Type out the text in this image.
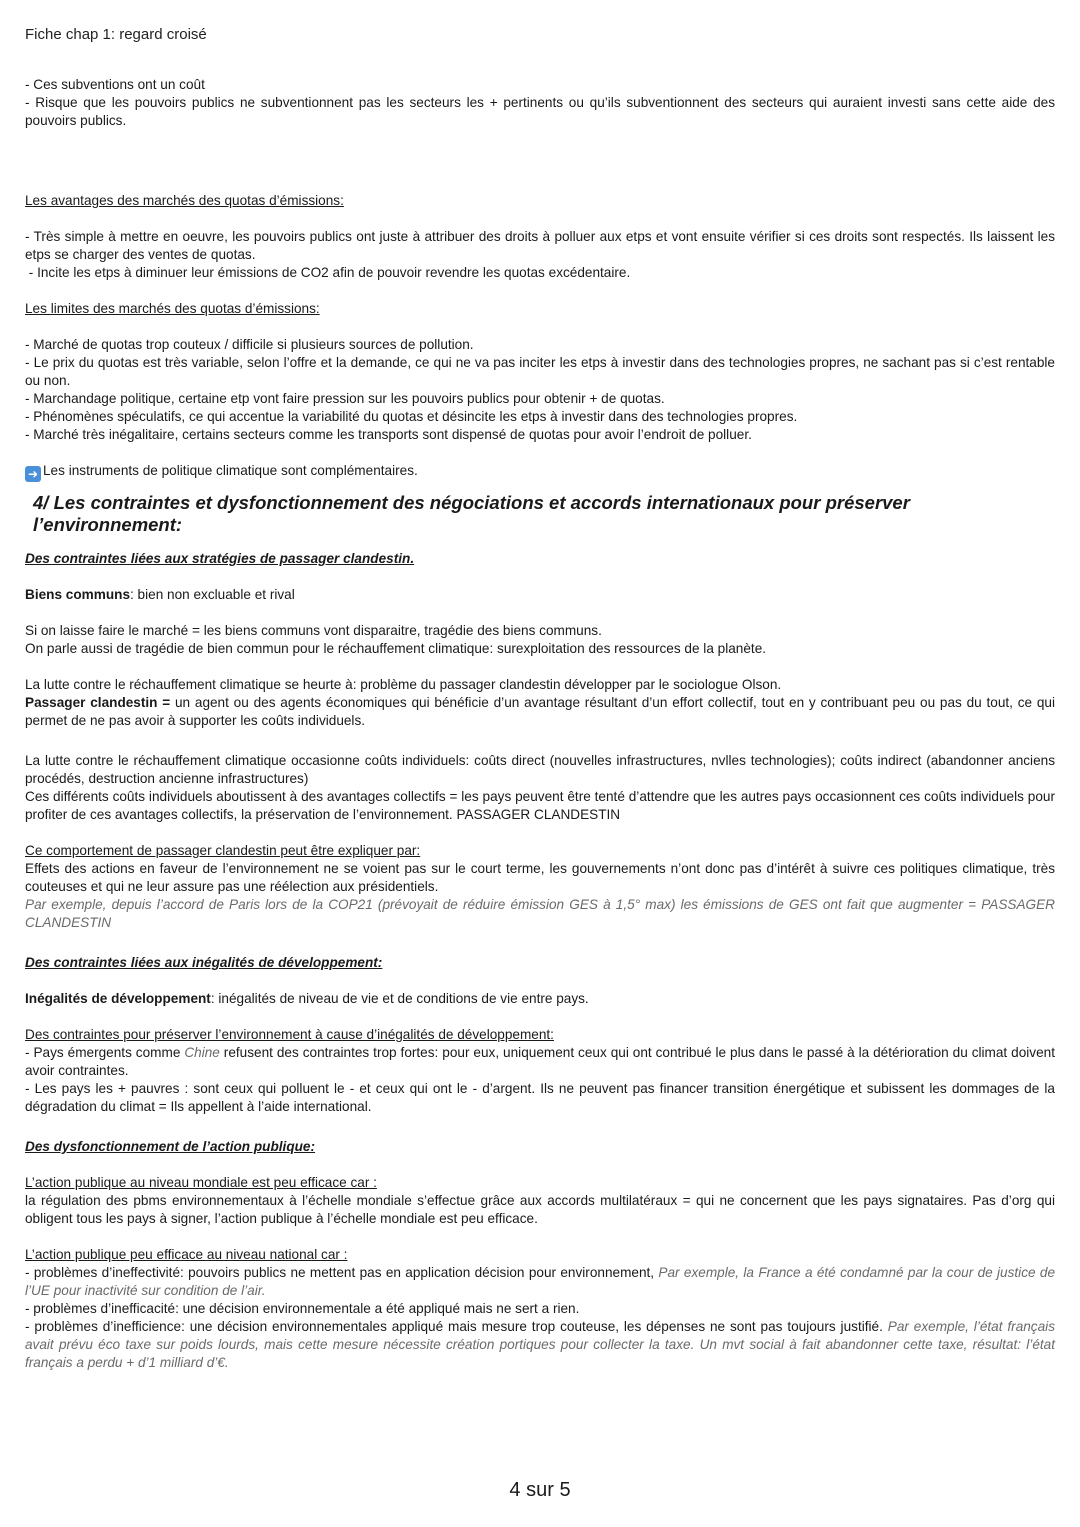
Fiche chap 1: regard croisé

- Ces subventions ont un coût

- Risque que les pouvoirs publics ne subventionnent pas les secteurs les + pertinents ou qu’ils subventionnent des secteurs qui auraient investi sans cette aide des pouvoirs publics.

Les avantages des marchés des quotas d’émissions:

- Très simple à mettre en oeuvre, les pouvoirs publics ont juste à attribuer des droits à polluer aux etps et vont ensuite vérifier si ces droits sont respectés. Ils laissent les etps se charger des ventes de quotas.

- Incite les etps à diminuer leur émissions de CO2 afin de pouvoir revendre les quotas excédentaire.

Les limites des marchés des quotas d’émissions:

- Marché de quotas trop couteux / difficile si plusieurs sources de pollution.

- Le prix du quotas est très variable, selon l’offre et la demande, ce qui ne va pas inciter les etps à investir dans des technologies propres, ne sachant pas si c’est rentable ou non.

- Marchandage politique, certaine etp vont faire pression sur les pouvoirs publics pour obtenir + de quotas.

- Phénomènes spéculatifs, ce qui accentue la variabilité du quotas et désincite les etps à investir dans des technologies propres.

- Marché très inégalitaire, certains secteurs comme les transports sont dispensé de quotas pour avoir l’endroit de polluer.

➜ Les instruments de politique climatique sont complémentaires.

4/ Les contraintes et dysfonctionnement des négociations et accords internationaux pour préserver l’environnement:

Des contraintes liées aux stratégies de passager clandestin.

Biens communs: bien non excluable et rival

Si on laisse faire le marché = les biens communs vont disparaitre, tragédie des biens communs.

On parle aussi de tragédie de bien commun pour le réchauffement climatique: surexploitation des ressources de la planète.

La lutte contre le réchauffement climatique se heurte à: problème du passager clandestin développer par le sociologue Olson.

Passager clandestin = un agent ou des agents économiques qui bénéficie d’un avantage résultant d’un effort collectif, tout en y contribuant peu ou pas du tout, ce qui permet de ne pas avoir à supporter les coûts individuels.

La lutte contre le réchauffement climatique occasionne coûts individuels: coûts direct (nouvelles infrastructures, nvlles technologies); coûts indirect (abandonner anciens procédés, destruction ancienne infrastructures)

Ces différents coûts individuels aboutissent à des avantages collectifs = les pays peuvent être tenté d’attendre que les autres pays occasionnent ces coûts individuels pour profiter de ces avantages collectifs, la préservation de l’environnement. PASSAGER CLANDESTIN

Ce comportement de passager clandestin peut être expliquer par:

Effets des actions en faveur de l’environnement ne se voient pas sur le court terme, les gouvernements n’ont donc pas d’intérêt à suivre ces politiques climatique, très couteuses et qui ne leur assure pas une réélection aux présidentiels.

Par exemple, depuis l’accord de Paris lors de la COP21 (prévoyait de réduire émission GES à 1,5° max) les émissions de GES ont fait que augmenter = PASSAGER CLANDESTIN

Des contraintes liées aux inégalités de développement:

Inégalités de développement: inégalités de niveau de vie et de conditions de vie entre pays.

Des contraintes pour préserver l’environnement à cause d’inégalités de développement:

- Pays émergents comme Chine refusent des contraintes trop fortes: pour eux, uniquement ceux qui ont contribué le plus dans le passé à la détérioration du climat doivent avoir contraintes.

- Les pays les + pauvres : sont ceux qui polluent le - et ceux qui ont le - d’argent. Ils ne peuvent pas financer transition énergétique et subissent les dommages de la dégradation du climat = Ils appellent à l’aide international.

Des dysfonctionnement de l’action publique:

L’action publique au niveau mondiale est peu efficace car :

la régulation des pbms environnementaux à l’échelle mondiale s’effectue grâce aux accords multilatéraux = qui ne concernent que les pays signataires. Pas d’org qui obligent tous les pays à signer, l’action publique à l’échelle mondiale est peu efficace.

L’action publique peu efficace au niveau national car :

- problèmes d’ineffectivité: pouvoirs publics ne mettent pas en application décision pour environnement, Par exemple, la France a été condamné par la cour de justice de l’UE pour inactivité sur condition de l’air.

- problèmes d’inefficacité: une décision environnementale a été appliqué mais ne sert a rien.

- problèmes d’inefficience: une décision environnementales appliqué mais mesure trop couteuse, les dépenses ne sont pas toujours justifié. Par exemple, l’état français avait prévu éco taxe sur poids lourds, mais cette mesure nécessite création portiques pour collecter la taxe. Un mvt social à fait abandonner cette taxe, résultat: l’état français a perdu + d’1 milliard d’€.

4 sur 5
